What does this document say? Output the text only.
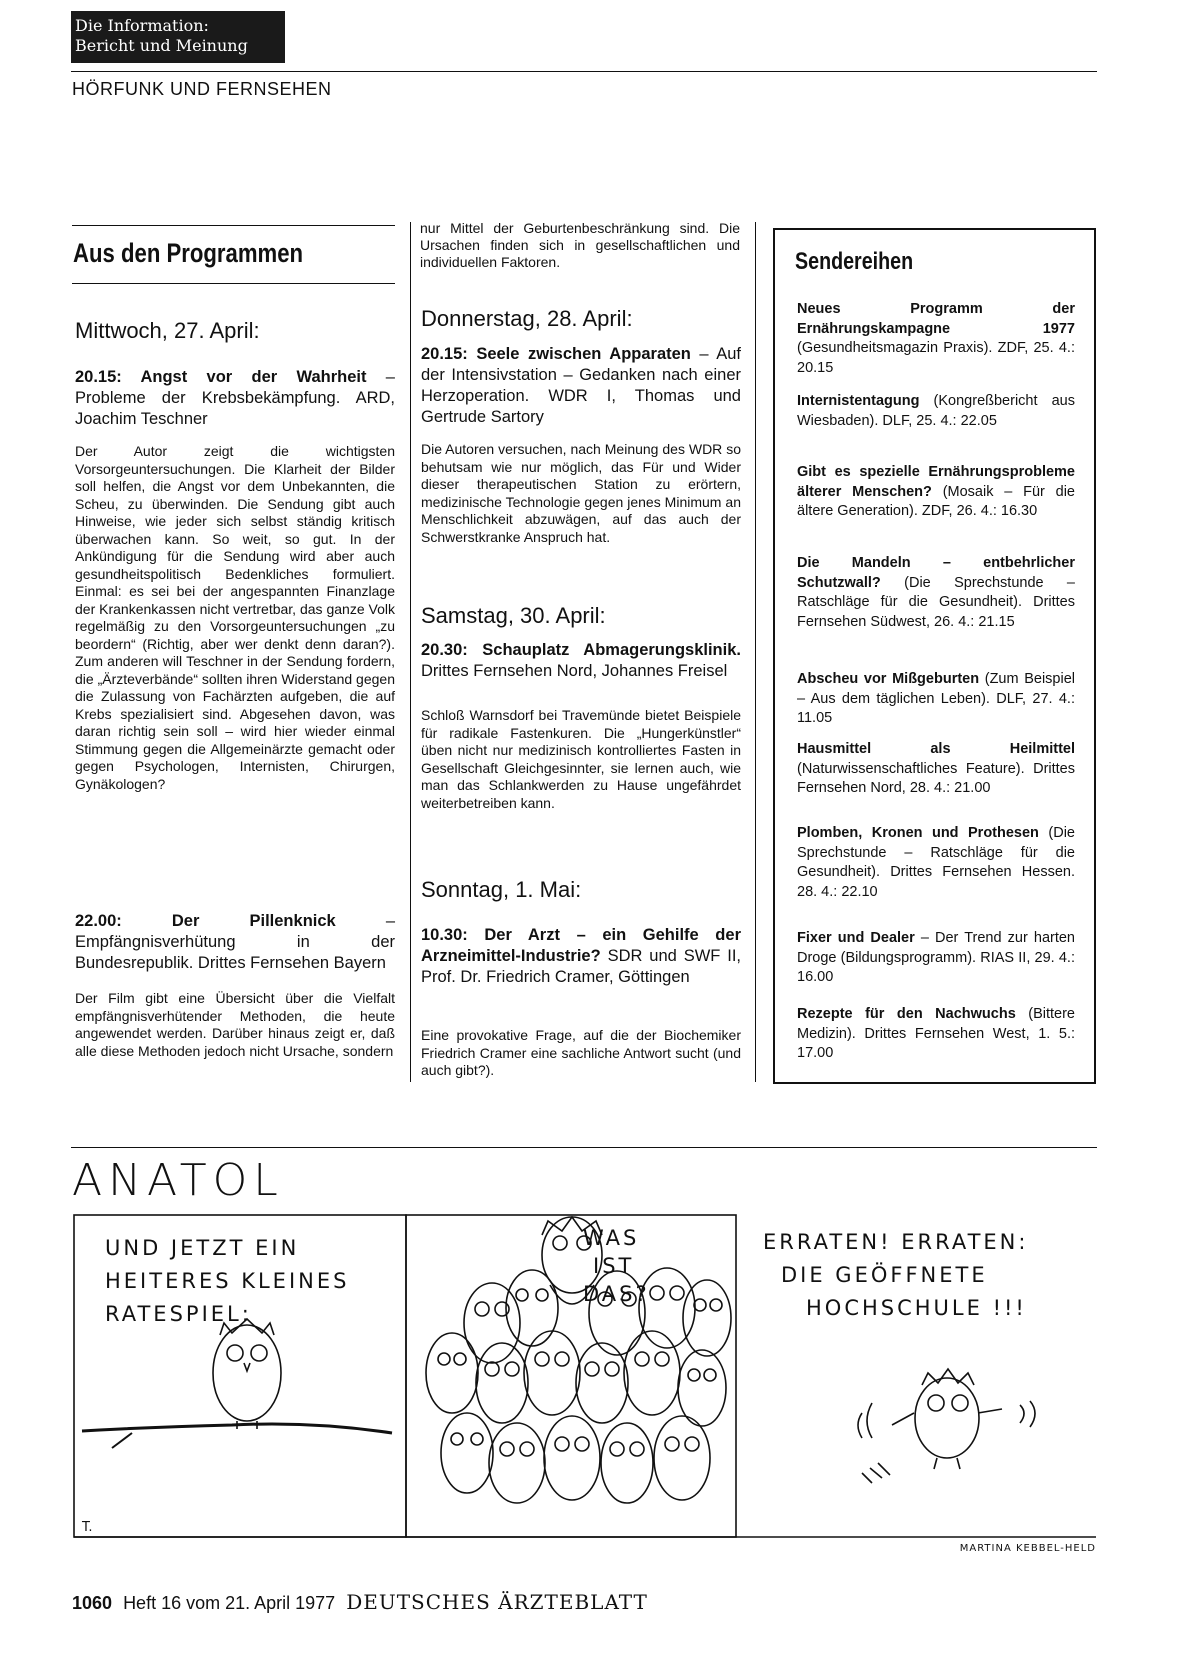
Die Information:
Bericht und Meinung
HÖRFUNK UND FERNSEHEN
Aus den Programmen
Mittwoch, 27. April:
20.15: Angst vor der Wahrheit – Probleme der Krebsbekämpfung. ARD, Joachim Teschner
Der Autor zeigt die wichtigsten Vorsorgeuntersuchungen. Die Klarheit der Bilder soll helfen, die Angst vor dem Unbekannten, die Scheu, zu überwinden. Die Sendung gibt auch Hinweise, wie jeder sich selbst ständig kritisch überwachen kann. So weit, so gut. In der Ankündigung für die Sendung wird aber auch gesundheitspolitisch Bedenkliches formuliert. Einmal: es sei bei der angespannten Finanzlage der Krankenkassen nicht vertretbar, das ganze Volk regelmäßig zu den Vorsorgeuntersuchungen „zu beordern“ (Richtig, aber wer denkt denn daran?). Zum anderen will Teschner in der Sendung fordern, die „Ärzteverbände“ sollten ihren Widerstand gegen die Zulassung von Fachärzten aufgeben, die auf Krebs spezialisiert sind. Abgesehen davon, was daran richtig sein soll – wird hier wieder einmal Stimmung gegen die Allgemeinärzte gemacht oder gegen Psychologen, Internisten, Chirurgen, Gynäkologen?
22.00: Der Pillenknick – Empfängnisverhütung in der Bundesrepublik. Drittes Fernsehen Bayern
Der Film gibt eine Übersicht über die Vielfalt empfängnisverhütender Methoden, die heute angewendet werden. Darüber hinaus zeigt er, daß alle diese Methoden jedoch nicht Ursache, sondern
nur Mittel der Geburtenbeschränkung sind. Die Ursachen finden sich in gesellschaftlichen und individuellen Faktoren.
Donnerstag, 28. April:
20.15: Seele zwischen Apparaten – Auf der Intensivstation – Gedanken nach einer Herzoperation. WDR I, Thomas und Gertrude Sartory
Die Autoren versuchen, nach Meinung des WDR so behutsam wie nur möglich, das Für und Wider dieser therapeutischen Station zu erörtern, medizinische Technologie gegen jenes Minimum an Menschlichkeit abzuwägen, auf das auch der Schwerstkranke Anspruch hat.
Samstag, 30. April:
20.30: Schauplatz Abmagerungsklinik. Drittes Fernsehen Nord, Johannes Freisel
Schloß Warnsdorf bei Travemünde bietet Beispiele für radikale Fastenkuren. Die „Hungerkünstler“ üben nicht nur medizinisch kontrolliertes Fasten in Gesellschaft Gleichgesinnter, sie lernen auch, wie man das Schlankwerden zu Hause ungefährdet weiterbetreiben kann.
Sonntag, 1. Mai:
10.30: Der Arzt – ein Gehilfe der Arzneimittel-Industrie? SDR und SWF II, Prof. Dr. Friedrich Cramer, Göttingen
Eine provokative Frage, auf die der Biochemiker Friedrich Cramer eine sachliche Antwort sucht (und auch gibt?).
Sendereihen
Neues Programm der Ernährungskampagne 1977 (Gesundheitsmagazin Praxis). ZDF, 25. 4.: 20.15
Internistentagung (Kongreßbericht aus Wiesbaden). DLF, 25. 4.: 22.05
Gibt es spezielle Ernährungsprobleme älterer Menschen? (Mosaik – Für die ältere Generation). ZDF, 26. 4.: 16.30
Die Mandeln – entbehrlicher Schutzwall? (Die Sprechstunde – Ratschläge für die Gesundheit). Drittes Fernsehen Südwest, 26. 4.: 21.15
Abscheu vor Mißgeburten (Zum Beispiel – Aus dem täglichen Leben). DLF, 27. 4.: 11.05
Hausmittel als Heilmittel (Naturwissenschaftliches Feature). Drittes Fernsehen Nord, 28. 4.: 21.00
Plomben, Kronen und Prothesen (Die Sprechstunde – Ratschläge für die Gesundheit). Drittes Fernsehen Hessen. 28. 4.: 22.10
Fixer und Dealer – Der Trend zur harten Droge (Bildungsprogramm). RIAS II, 29. 4.: 16.00
Rezepte für den Nachwuchs (Bittere Medizin). Drittes Fernsehen West, 1. 5.: 17.00
ANATOL
T.
MARTINA KEBBEL-HELD
UND JETZT EIN
HEITERES KLEINES
RATESPIEL:
WAS
IST
DAS?
ERRATEN! ERRATEN:
DIE GEÖFFNETE
HOCHSCHULE !!!
1060 Heft 16 vom 21. April 1977 DEUTSCHES ÄRZTEBLATT
